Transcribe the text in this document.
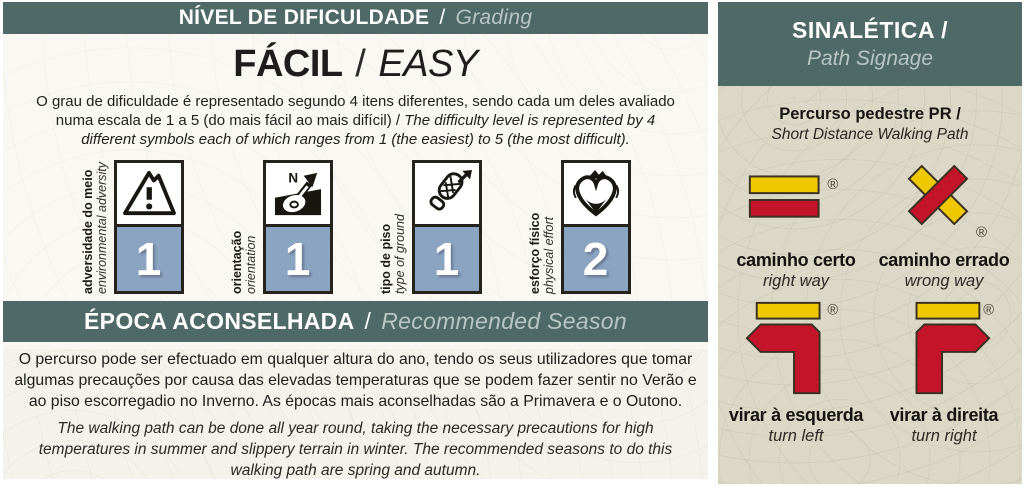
NÍVEL DE DIFICULDADE / Grading
FÁCIL / EASY

O grau de dificuldade é representado segundo 4 itens diferentes, sendo cada um deles avaliado numa escala de 1 a 5 (do mais fácil ao mais difícil) / The difficulty level is represented by 4 different symbols each of which ranges from 1 (the easiest) to 5 (the most difficult).

adversidade do meio environmental adversity 1	orientação orientation
N
1	tipo de piso type of ground 1	esforço físico physical effort 2
ÉPOCA ACONSELHADA / Recommended Season

O percurso pode ser efectuado em qualquer altura do ano, tendo os seus utilizadores que tomar algumas precauções por causa das elevadas temperaturas que se podem fazer sentir no Verão e ao piso escorregadio no Inverno. As épocas mais aconselhadas são a Primavera e o Outono.

The walking path can be done all year round, taking the necessary precautions for high temperatures in summer and slippery terrain in winter. The recommended seasons to do this walking path are spring and autumn.

SINALÉTICA /
Path Signage
Percurso pedestre PR /
Short Distance Walking Path
®
caminho certo
right way
®
caminho errado
wrong way
®
virar à esquerda
turn left
®
virar à direita
turn right
